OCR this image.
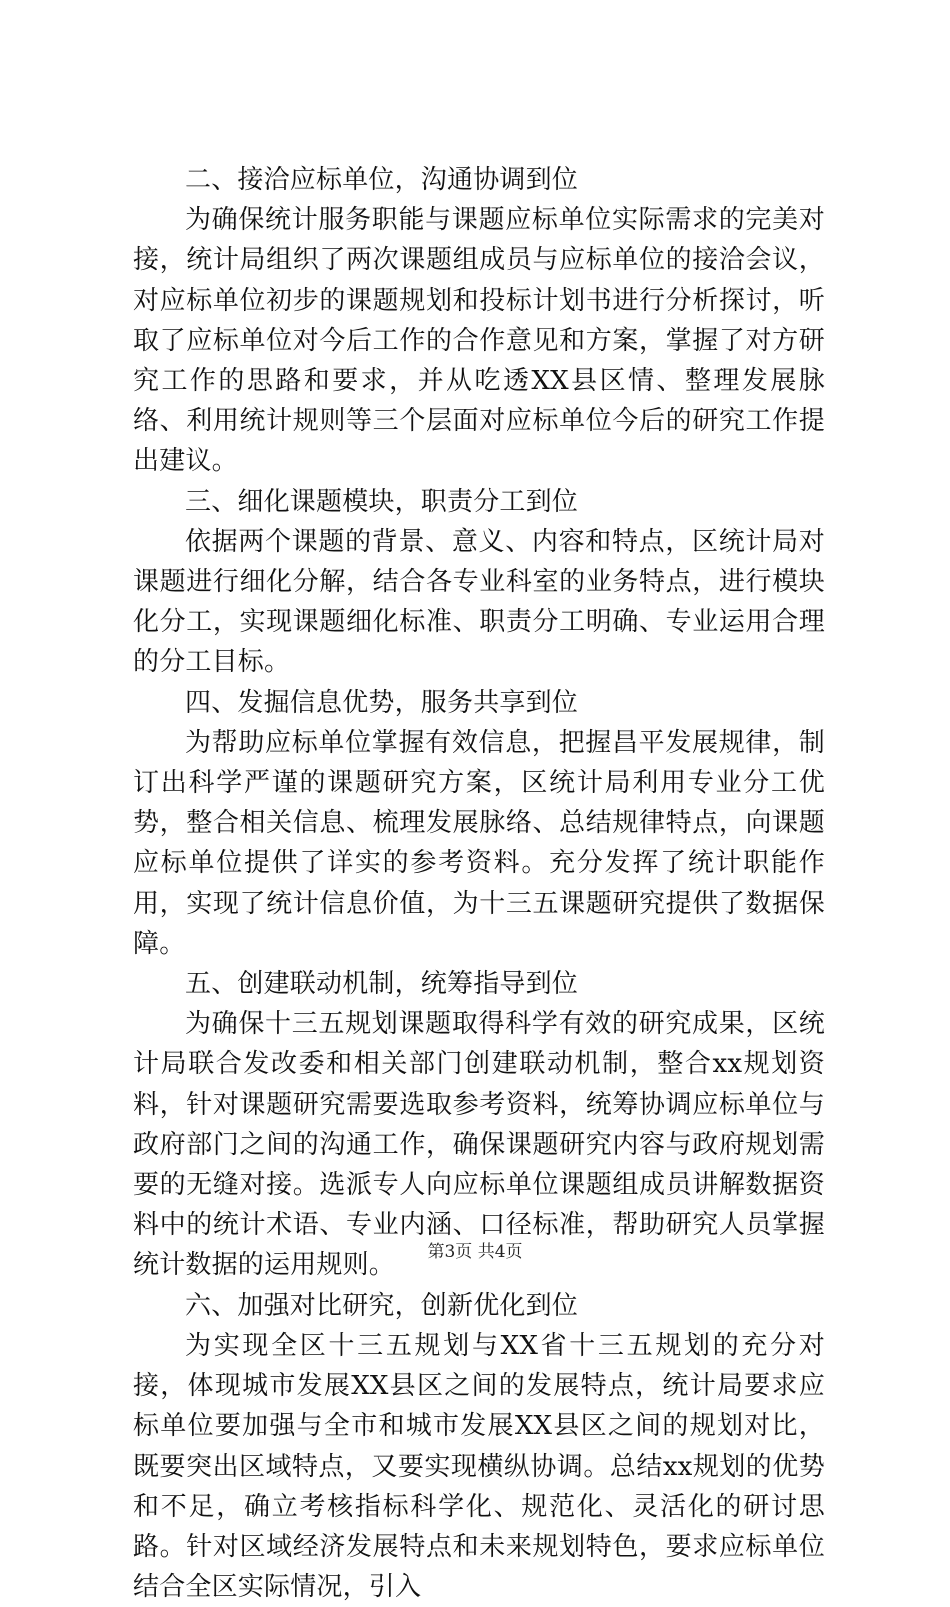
二、接洽应标单位，沟通协调到位

为确保统计服务职能与课题应标单位实际需求的完美对接，统计局组织了两次课题组成员与应标单位的接洽会议，对应标单位初步的课题规划和投标计划书进行分析探讨，听取了应标单位对今后工作的合作意见和方案，掌握了对方研究工作的思路和要求，并从吃透XX县区情、整理发展脉络、利用统计规则等三个层面对应标单位今后的研究工作提出建议。

三、细化课题模块，职责分工到位

依据两个课题的背景、意义、内容和特点，区统计局对课题进行细化分解，结合各专业科室的业务特点，进行模块化分工，实现课题细化标准、职责分工明确、专业运用合理的分工目标。

四、发掘信息优势，服务共享到位

为帮助应标单位掌握有效信息，把握昌平发展规律，制订出科学严谨的课题研究方案，区统计局利用专业分工优势，整合相关信息、梳理发展脉络、总结规律特点，向课题应标单位提供了详实的参考资料。充分发挥了统计职能作用，实现了统计信息价值，为十三五课题研究提供了数据保障。

五、创建联动机制，统筹指导到位

为确保十三五规划课题取得科学有效的研究成果，区统计局联合发改委和相关部门创建联动机制，整合xx规划资料，针对课题研究需要选取参考资料，统筹协调应标单位与政府部门之间的沟通工作，确保课题研究内容与政府规划需要的无缝对接。选派专人向应标单位课题组成员讲解数据资料中的统计术语、专业内涵、口径标准，帮助研究人员掌握统计数据的运用规则。

六、加强对比研究，创新优化到位

为实现全区十三五规划与XX省十三五规划的充分对接，体现城市发展XX县区之间的发展特点，统计局要求应标单位要加强与全市和城市发展XX县区之间的规划对比，既要突出区域特点，又要实现横纵协调。总结xx规划的优势和不足，确立考核指标科学化、规范化、灵活化的研讨思路。针对区域经济发展特点和未来规划特色，要求应标单位结合全区实际情况，引入

第3页 共4页
